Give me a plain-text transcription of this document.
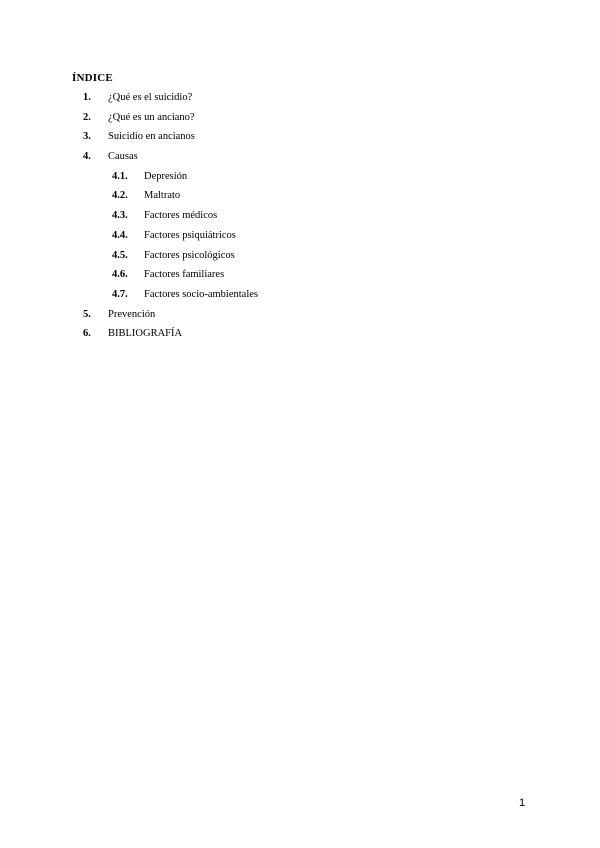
ÍNDICE
1. ¿Qué es el suicidio?
2. ¿Qué es un anciano?
3. Suicidio en ancianos
4. Causas
4.1. Depresión
4.2. Maltrato
4.3. Factores médicos
4.4. Factores psiquiátricos
4.5. Factores psicológicos
4.6. Factores familiares
4.7. Factores socio-ambientales
5. Prevención
6. BIBLIOGRAFÍA
1
